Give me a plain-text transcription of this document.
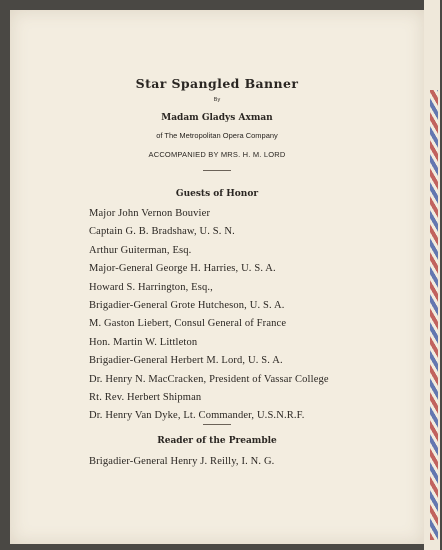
Star Spangled Banner
By
Madam Gladys Axman
of The Metropolitan Opera Company
ACCOMPANIED BY MRS. H. M. LORD
Guests of Honor
Major John Vernon Bouvier
Captain G. B. Bradshaw, U. S. N.
Arthur Guiterman, Esq.
Major-General George H. Harries, U. S. A.
Howard S. Harrington, Esq.,
Brigadier-General Grote Hutcheson, U. S. A.
M. Gaston Liebert, Consul General of France
Hon. Martin W. Littleton
Brigadier-General Herbert M. Lord, U. S. A.
Dr. Henry N. MacCracken, President of Vassar College
Rt. Rev. Herbert Shipman
Dr. Henry Van Dyke, Lt. Commander, U.S.N.R.F.
Reader of the Preamble
Brigadier-General Henry J. Reilly, I. N. G.
